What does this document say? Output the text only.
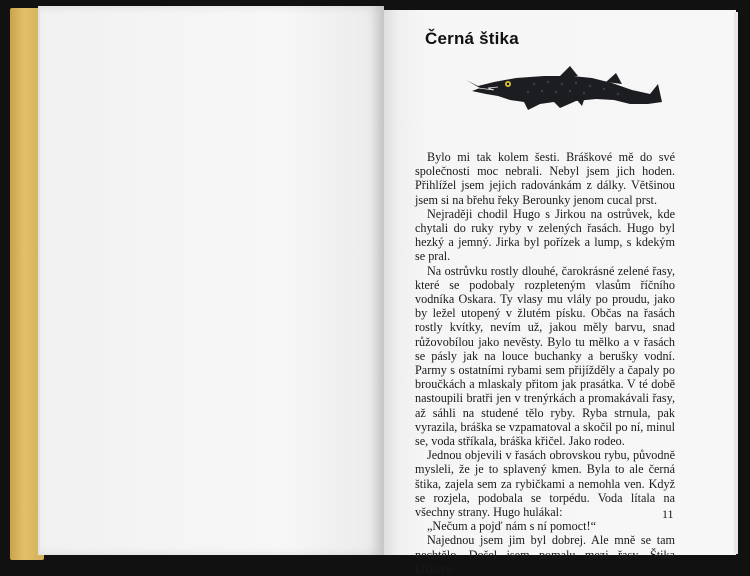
Černá štika

Bylo mi tak kolem šesti. Bráškové mě do své společnosti moc nebrali. Nebyl jsem jich hoden. Přihlížel jsem jejich radovánkám z dálky. Většinou jsem si na břehu řeky Berounky jenom cucal prst.

Nejraději chodil Hugo s Jirkou na ostrůvek, kde chytali do ruky ryby v zelených řasách. Hugo byl hezký a jemný. Jirka byl pořízek a lump, s kdekým se pral.

Na ostrůvku rostly dlouhé, čarokrásné zelené řasy, které se podobaly rozpleteným vlasům říčního vodníka Oskara. Ty vlasy mu vlály po proudu, jako by ležel utopený v žlutém písku. Občas na řasách rostly kvítky, nevím už, jakou měly barvu, snad růžovobílou jako nevěsty. Bylo tu mělko a v řasách se pásly jak na louce buchanky a berušky vodní. Parmy s ostatními rybami sem přijížděly a čapaly po broučkách a mlaskaly přitom jak prasátka. V té době nastoupili bratři jen v trenýrkách a promakávali řasy, až sáhli na studené tělo ryby. Ryba strnula, pak vyrazila, bráška se vzpamatoval a skočil po ní, minul se, voda stříkala, bráška křičel. Jako rodeo.

Jednou objevili v řasách obrovskou rybu, původně mysleli, že je to splavený kmen. Byla to ale černá štika, zajela sem za rybičkami a nemohla ven. Když se rozjela, podobala se torpédu. Voda lítala na všechny strany. Hugo hulákal:

„Nečum a pojď nám s ní pomoct!“

Najednou jsem jim byl dobrej. Ale mně se tam nechtělo. Došel jsem pomalu mezi řasy. Štika křížova-

11
